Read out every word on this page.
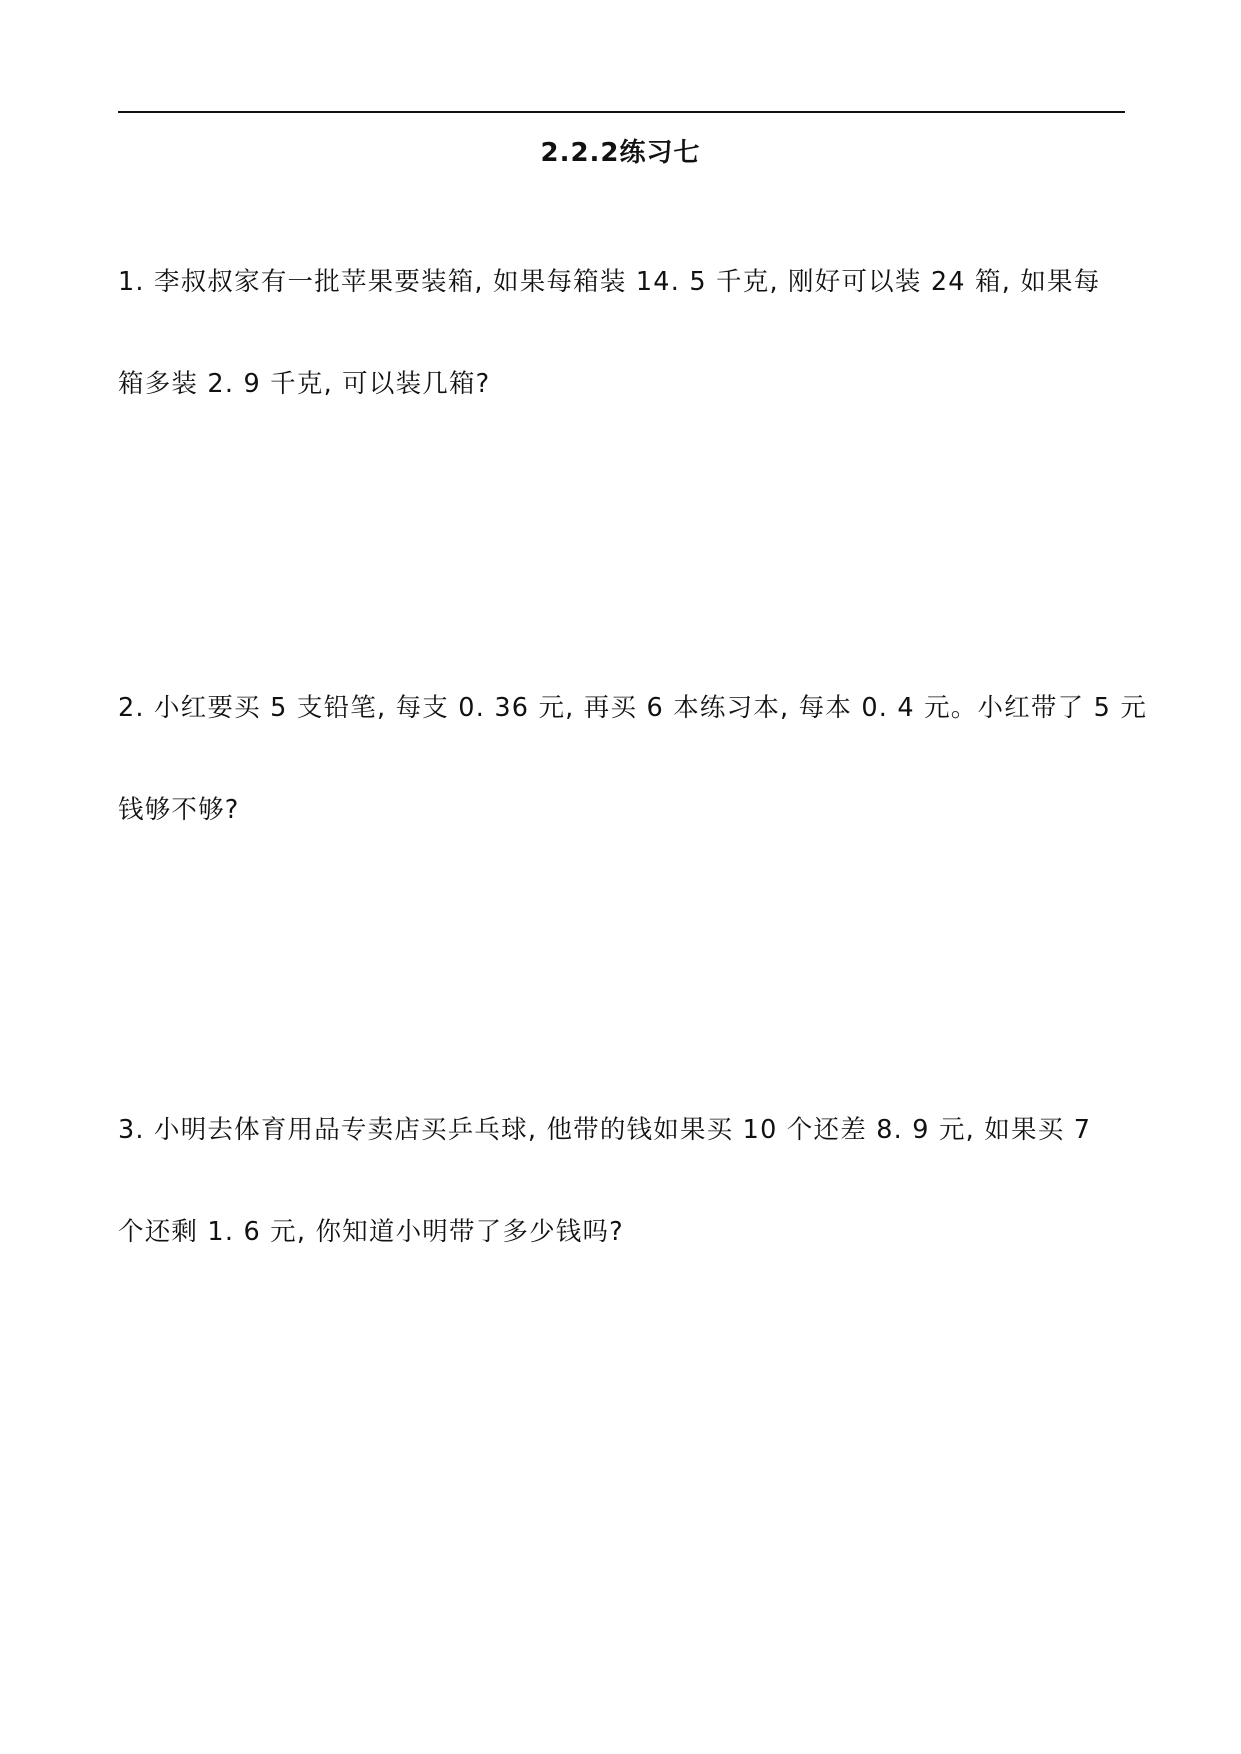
2.2.2练习七
1. 李叔叔家有一批苹果要装箱, 如果每箱装 14. 5 千克, 刚好可以装 24 箱, 如果每
箱多装 2. 9 千克, 可以装几箱?
2. 小红要买 5 支铅笔, 每支 0. 36 元, 再买 6 本练习本, 每本 0. 4 元。小红带了 5 元
钱够不够?
3. 小明去体育用品专卖店买乒乓球, 他带的钱如果买 10 个还差 8. 9 元, 如果买 7
个还剩 1. 6 元, 你知道小明带了多少钱吗?
